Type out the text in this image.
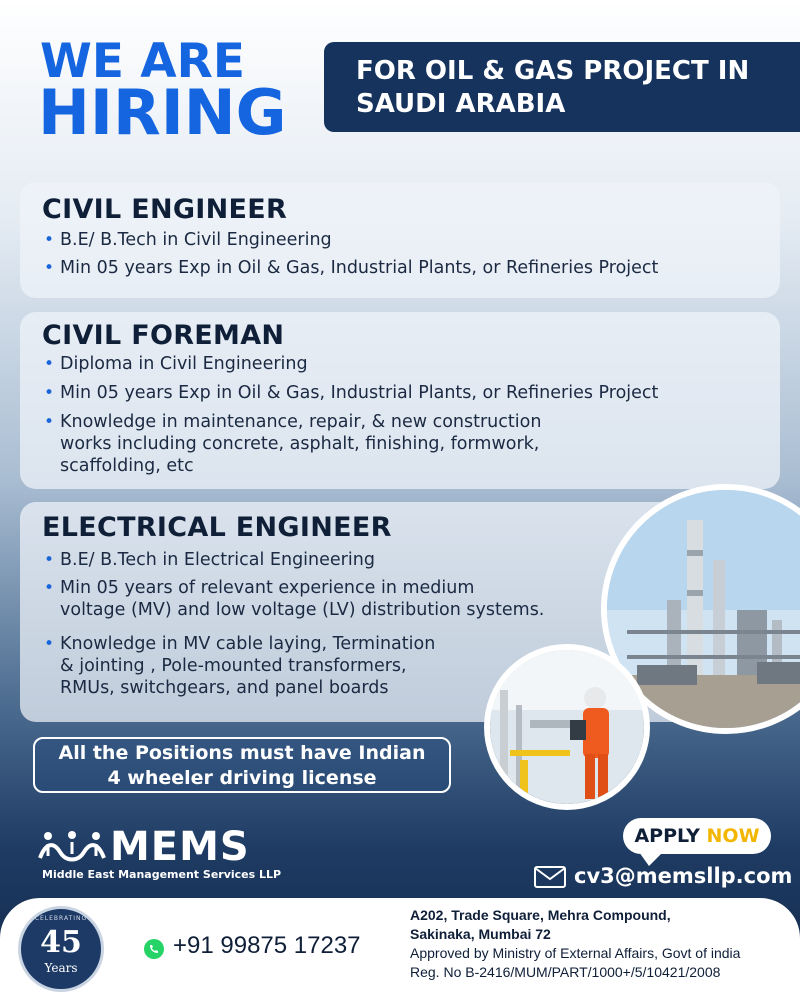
WE ARE
HIRING
FOR OIL & GAS PROJECT IN
SAUDI ARABIA
CIVIL ENGINEER
• B.E/ B.Tech in Civil Engineering
• Min 05 years Exp in Oil & Gas, Industrial Plants, or Refineries Project
CIVIL FOREMAN
• Diploma in Civil Engineering
• Min 05 years Exp in Oil & Gas, Industrial Plants, or Refineries Project
• Knowledge in maintenance, repair, & new construction
works including concrete, asphalt, finishing, formwork,
scaffolding, etc
ELECTRICAL ENGINEER
• B.E/ B.Tech in Electrical Engineering
• Min 05 years of relevant experience in medium
voltage (MV) and low voltage (LV) distribution systems.
• Knowledge in MV cable laying, Termination
& jointing , Pole-mounted transformers,
RMUs, switchgears, and panel boards
All the Positions must have Indian
4 wheeler driving license
MEMS
Middle East Management Services LLP
APPLY NOW
cv3@memsllp.com
CELEBRATING
45
Years
+91 99875 17237
A202, Trade Square, Mehra Compound,
Sakinaka, Mumbai 72
Approved by Ministry of External Affairs, Govt of india
Reg. No B-2416/MUM/PART/1000+/5/10421/2008
